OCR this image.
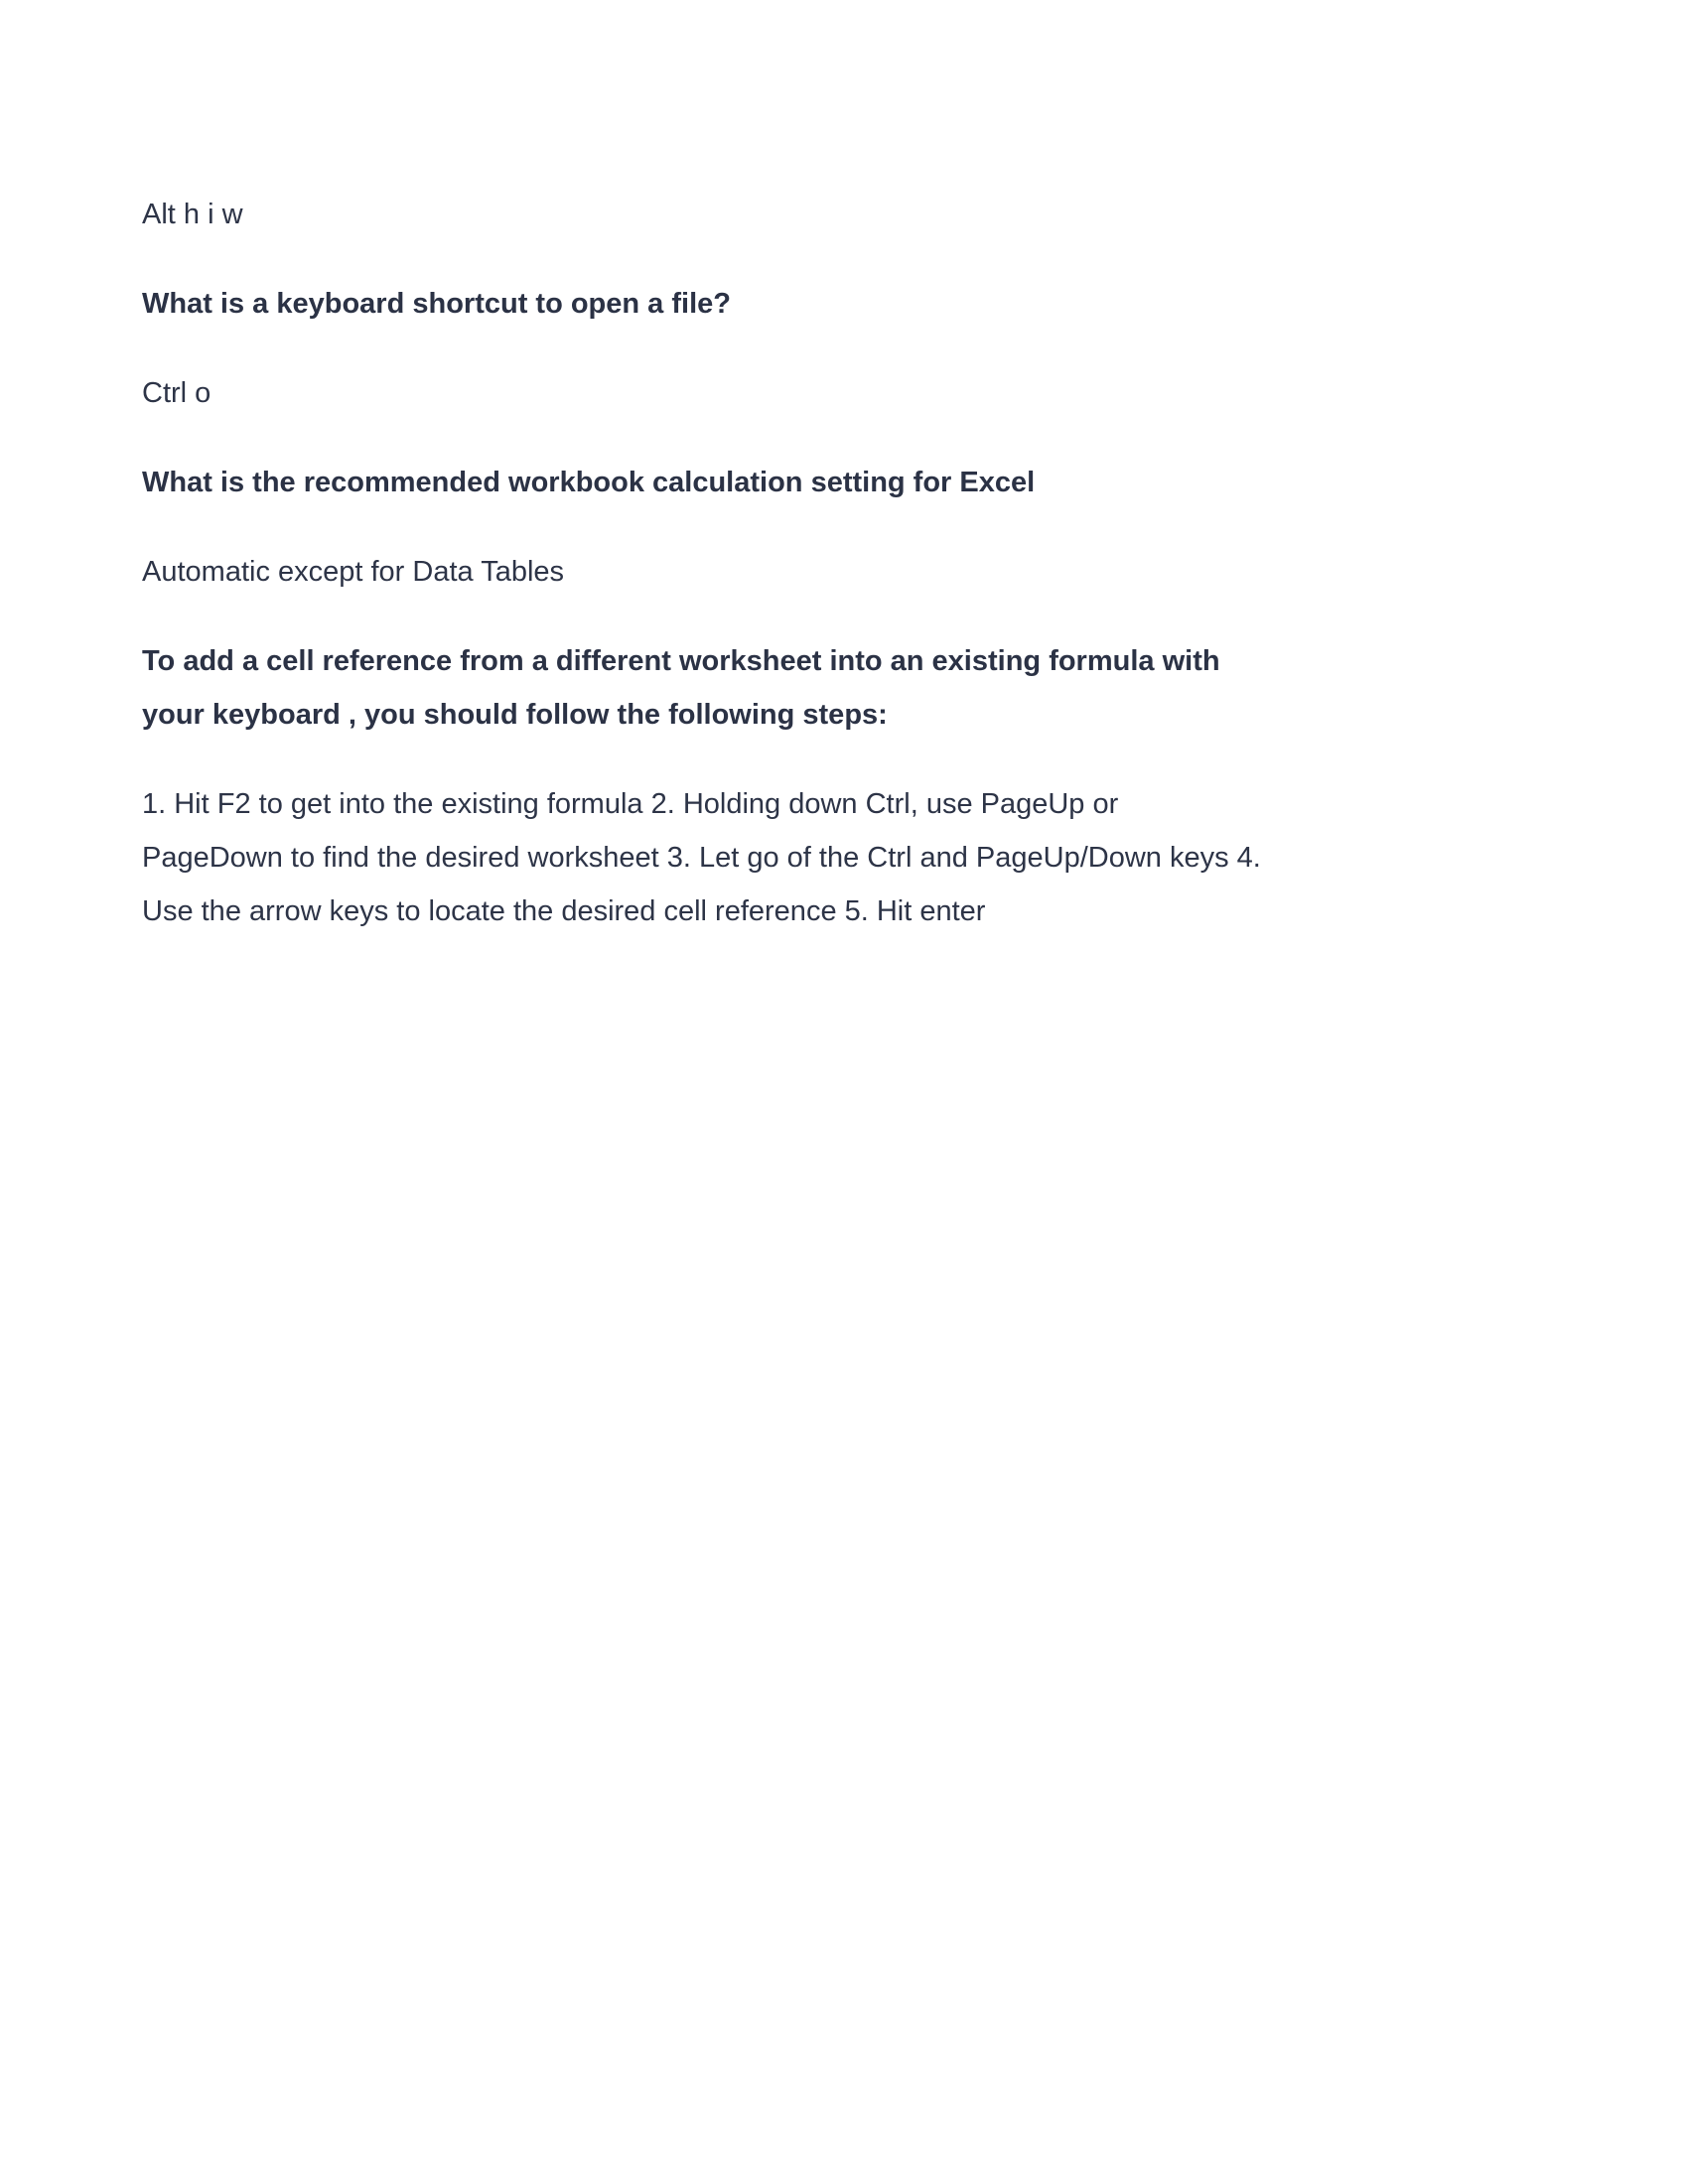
Alt h i w

What is a keyboard shortcut to open a file?

Ctrl o

What is the recommended workbook calculation setting for Excel

Automatic except for Data Tables

To add a cell reference from a different worksheet into an existing formula with
your keyboard , you should follow the following steps:

1. Hit F2 to get into the existing formula 2. Holding down Ctrl, use PageUp or
PageDown to find the desired worksheet 3. Let go of the Ctrl and PageUp/Down keys 4.
Use the arrow keys to locate the desired cell reference 5. Hit enter
